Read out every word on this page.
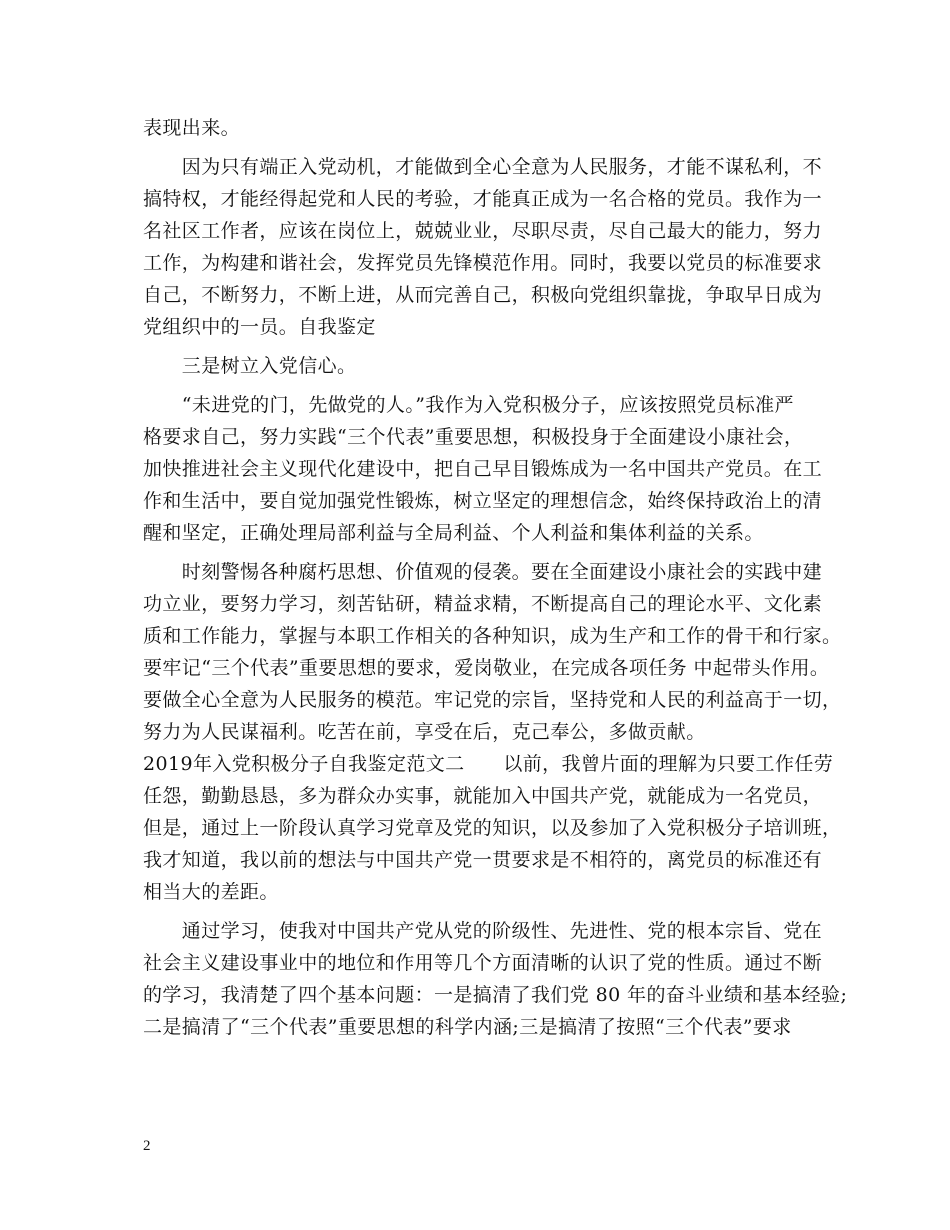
表现出来。
　　因为只有端正入党动机，才能做到全心全意为人民服务，才能不谋私利，不
搞特权，才能经得起党和人民的考验，才能真正成为一名合格的党员。我作为一
名社区工作者，应该在岗位上，兢兢业业，尽职尽责，尽自己最大的能力，努力
工作，为构建和谐社会，发挥党员先锋模范作用。同时，我要以党员的标准要求
自己，不断努力，不断上进，从而完善自己，积极向党组织靠拢，争取早日成为
党组织中的一员。自我鉴定
　　三是树立入党信心。
　　“未进党的门，先做党的人。”我作为入党积极分子，应该按照党员标准严
格要求自己，努力实践“三个代表”重要思想，积极投身于全面建设小康社会，
加快推进社会主义现代化建设中，把自己早目锻炼成为一名中国共产党员。在工
作和生活中，要自觉加强党性锻炼，树立坚定的理想信念，始终保持政治上的清
醒和坚定，正确处理局部利益与全局利益、个人利益和集体利益的关系。
　　时刻警惕各种腐朽思想、价值观的侵袭。要在全面建设小康社会的实践中建
功立业，要努力学习，刻苦钻研，精益求精，不断提高自己的理论水平、文化素
质和工作能力，掌握与本职工作相关的各种知识，成为生产和工作的骨干和行家。
要牢记“三个代表”重要思想的要求，爱岗敬业，在完成各项任务 中起带头作用。
要做全心全意为人民服务的模范。牢记党的宗旨，坚持党和人民的利益高于一切，
努力为人民谋福利。吃苦在前，享受在后，克己奉公，多做贡献。
2019年入党积极分子自我鉴定范文二　　以前，我曾片面的理解为只要工作任劳
任怨，勤勤恳恳，多为群众办实事，就能加入中国共产党，就能成为一名党员，
但是，通过上一阶段认真学习党章及党的知识，以及参加了入党积极分子培训班，
我才知道，我以前的想法与中国共产党一贯要求是不相符的，离党员的标准还有
相当大的差距。
　　通过学习，使我对中国共产党从党的阶级性、先进性、党的根本宗旨、党在
社会主义建设事业中的地位和作用等几个方面清晰的认识了党的性质。通过不断
的学习，我清楚了四个基本问题：一是搞清了我们党 80 年的奋斗业绩和基本经验;
二是搞清了“三个代表”重要思想的科学内涵;三是搞清了按照“三个代表”要求
2
